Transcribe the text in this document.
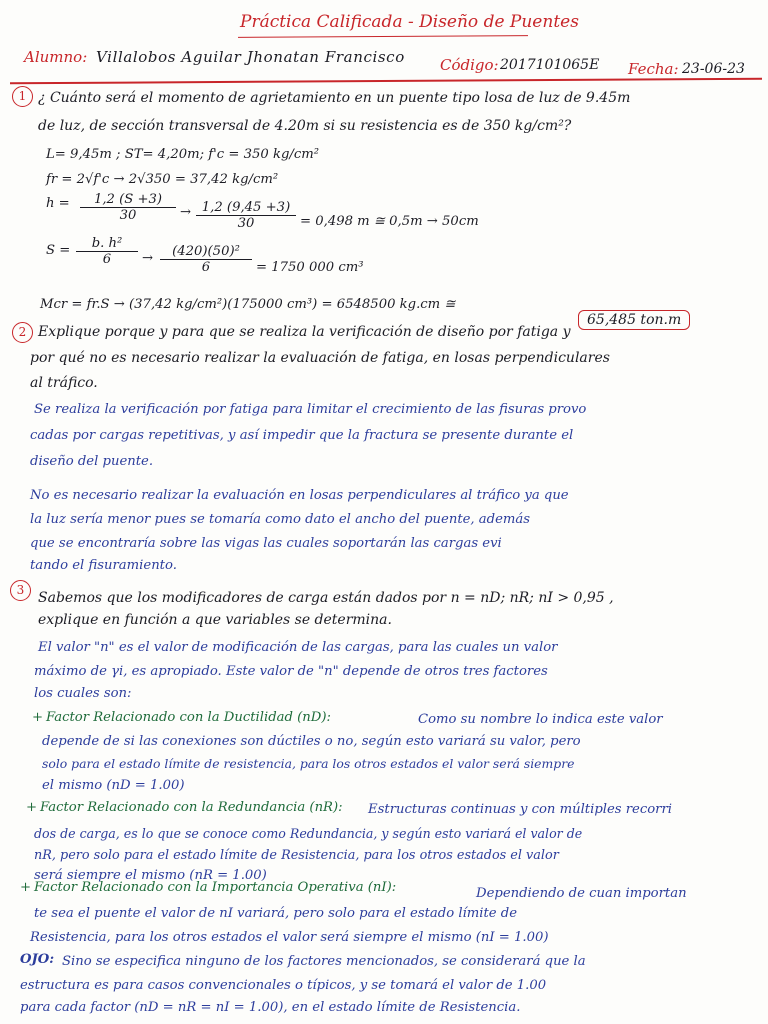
Práctica Calificada - Diseño de Puentes
Alumno: Villalobos Aguilar Jhonatan Francisco Código: 2017101065E Fecha: 23-06-23
1 ¿ Cuánto será el momento de agrietamiento en un puente tipo losa de luz de 9.45m
de luz, de sección transversal de 4.20m si su resistencia es de 350 kg/cm²?
L= 9,45m ; ST= 4,20m; f'c = 350 kg/cm²
fr = 2√f'c → 2√350 = 37,42 kg/cm²
$h = \frac{1,2 (S +3)}{30} \to \frac{1,2 (9,45 +3)}{30} = 0,498$ m ≅ 0,5m → 50cm
$S = \frac{\text{b. h²}}{6} \to \frac{\text{(420)(50)²}}{6} = 1750$ 000 cm³
Mcr = fr.S → (37,42 kg/cm²)(175000 cm³) = 6548500 kg.cm ≅
65,485 ton.m
2 Explique porque y para que se realiza la verificación de diseño por fatiga y
por qué no es necesario realizar la evaluación de fatiga, en losas perpendiculares
al tráfico.
Se realiza la verificación por fatiga para limitar el crecimiento de las fisuras provo
cadas por cargas repetitivas, y así impedir que la fractura se presente durante el
diseño del puente.
No es necesario realizar la evaluación en losas perpendiculares al tráfico ya que
la luz sería menor pues se tomaría como dato el ancho del puente, además
que se encontraría sobre las vigas las cuales soportarán las cargas evi
tando el fisuramiento.
3 Sabemos que los modificadores de carga están dados por n = nD; nR; nI > 0,95 ,
explique en función a que variables se determina.
El valor "n" es el valor de modificación de las cargas, para las cuales un valor
máximo de γi, es apropiado. Este valor de "n" depende de otros tres factores
los cuales son:
+ Factor Relacionado con la Ductilidad (nD):	Como su nombre lo indica este valor
depende de si las conexiones son dúctiles o no, según esto variará su valor, pero
solo para el estado límite de resistencia, para los otros estados el valor será siempre
el mismo (nD = 1.00)
+ Factor Relacionado con la Redundancia (nR): Estructuras continuas y con múltiples recorri
dos de carga, es lo que se conoce como Redundancia, y según esto variará el valor de
nR, pero solo para el estado límite de Resistencia, para los otros estados el valor
será siempre el mismo (nR = 1.00)
+ Factor Relacionado con la Importancia Operativa (nI):	Dependiendo de cuan importan
te sea el puente el valor de nI variará, pero solo para el estado límite de
Resistencia, para los otros estados el valor será siempre el mismo (nI = 1.00)
OJO: Sino se especifica ninguno de los factores mencionados, se considerará que la
estructura es para casos convencionales o típicos, y se tomará el valor de 1.00
para cada factor (nD = nR = nI = 1.00), en el estado límite de Resistencia.
